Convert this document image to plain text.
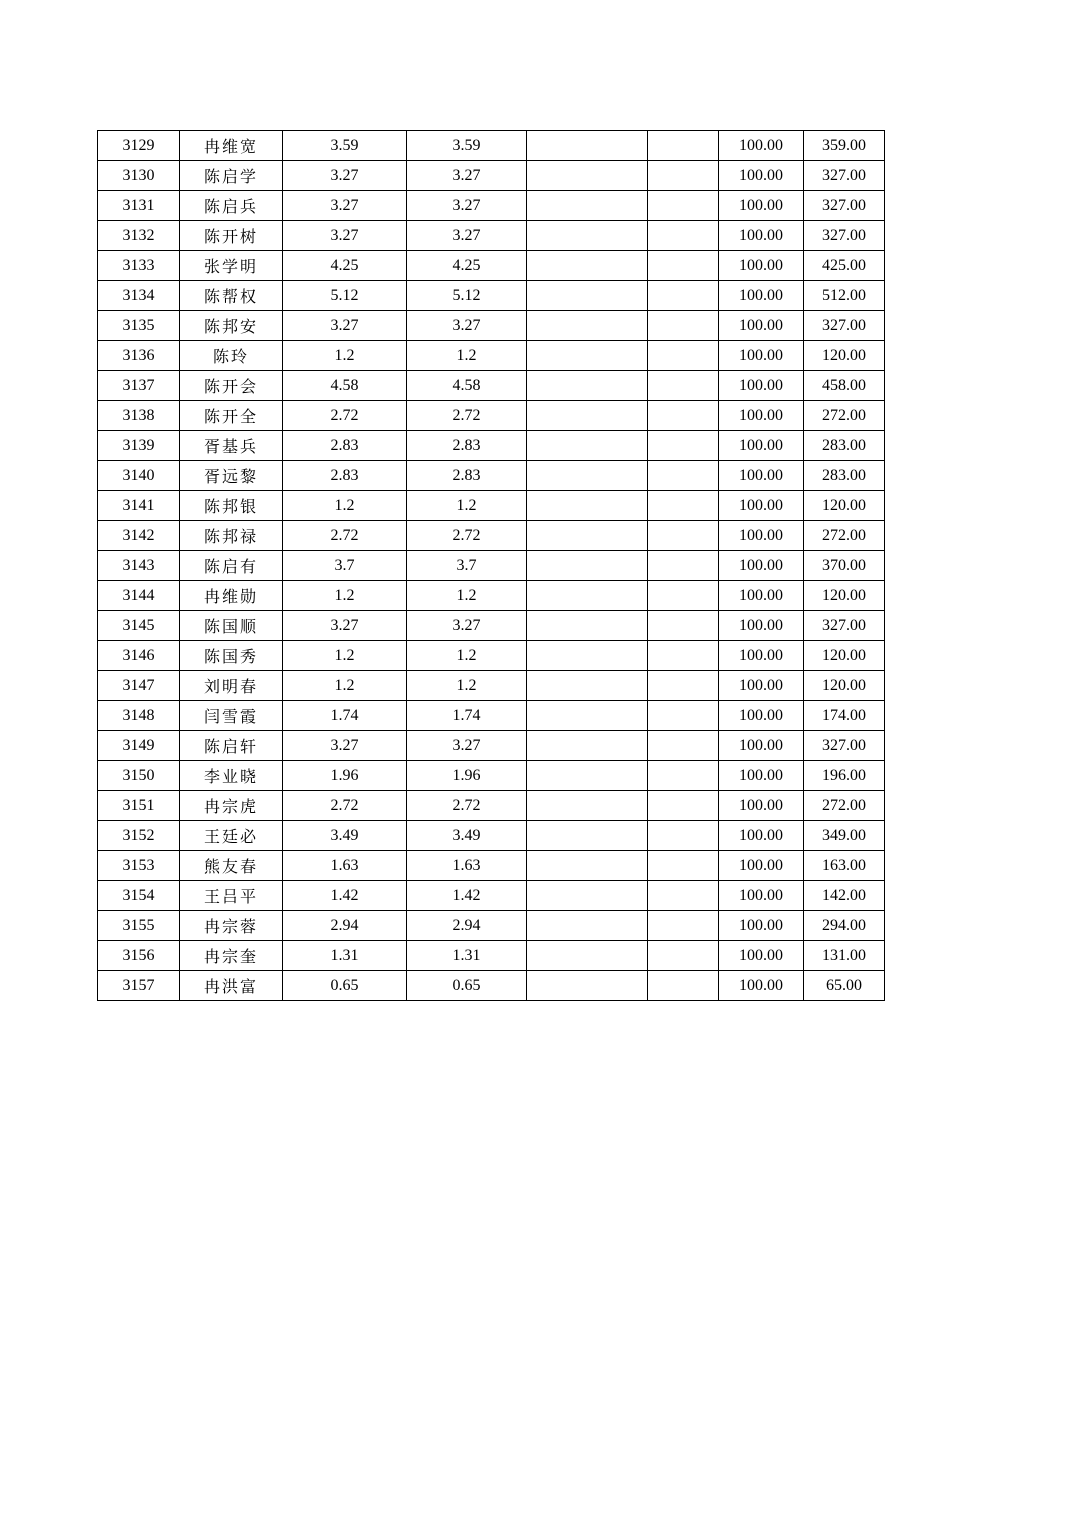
3129	冉维宽	3.59	3.59			100.00	359.00
3130	陈启学	3.27	3.27			100.00	327.00
3131	陈启兵	3.27	3.27			100.00	327.00
3132	陈开树	3.27	3.27			100.00	327.00
3133	张学明	4.25	4.25			100.00	425.00
3134	陈帮权	5.12	5.12			100.00	512.00
3135	陈邦安	3.27	3.27			100.00	327.00
3136	陈玲	1.2	1.2			100.00	120.00
3137	陈开会	4.58	4.58			100.00	458.00
3138	陈开全	2.72	2.72			100.00	272.00
3139	胥基兵	2.83	2.83			100.00	283.00
3140	胥远黎	2.83	2.83			100.00	283.00
3141	陈邦银	1.2	1.2			100.00	120.00
3142	陈邦禄	2.72	2.72			100.00	272.00
3143	陈启有	3.7	3.7			100.00	370.00
3144	冉维勋	1.2	1.2			100.00	120.00
3145	陈国顺	3.27	3.27			100.00	327.00
3146	陈国秀	1.2	1.2			100.00	120.00
3147	刘明春	1.2	1.2			100.00	120.00
3148	闫雪霞	1.74	1.74			100.00	174.00
3149	陈启轩	3.27	3.27			100.00	327.00
3150	李业晓	1.96	1.96			100.00	196.00
3151	冉宗虎	2.72	2.72			100.00	272.00
3152	王廷必	3.49	3.49			100.00	349.00
3153	熊友春	1.63	1.63			100.00	163.00
3154	王吕平	1.42	1.42			100.00	142.00
3155	冉宗蓉	2.94	2.94			100.00	294.00
3156	冉宗奎	1.31	1.31			100.00	131.00
3157	冉洪富	0.65	0.65			100.00	65.00
